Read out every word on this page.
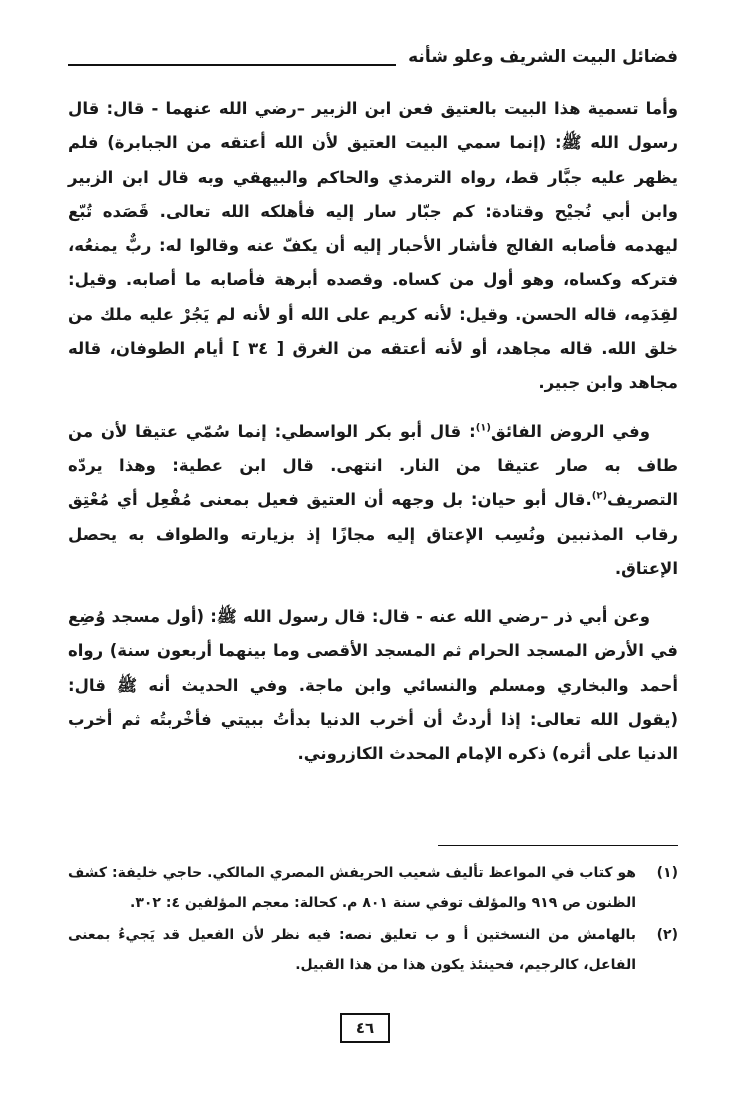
فضائل البيت الشريف وعلو شأنه

وأما تسمية هذا البيت بالعتيق فعن ابن الزبير –رضي الله عنهما - قال: قال رسول الله ﷺ: (إنما سمي البيت العتيق لأن الله أعتقه من الجبابرة) فلم يظهر عليه جبَّار قط، رواه الترمذي والحاكم والبيهقي وبه قال ابن الزبير وابن أبي نُجيْح وقتادة: كم جبّار سار إليه فأهلكه الله تعالى. قَصَده تُبّع ليهدمه فأصابه الفالج فأشار الأحبار إليه أن يكفّ عنه وقالوا له: ربٌّ يمنعُه، فتركه وكساه، وهو أول من كساه. وقصده أبرهة فأصابه ما أصابه. وقيل: لقِدَمِه، قاله الحسن. وقيل: لأنه كريم على الله أو لأنه لم يَجُرْ عليه ملك من خلق الله. قاله مجاهد، أو لأنه أعتقه من الغرق [ ٣٤ ] أيام الطوفان، قاله مجاهد وابن جبير.

وفي الروض الفائق$^{(١)}$: قال أبو بكر الواسطي: إنما سُمّي عتيقا لأن من طاف به صار عتيقا من النار. انتهى. قال ابن عطية: وهذا يردّه التصريف$^{(٢)}$.قال أبو حيان: بل وجهه أن العتيق فعيل بمعنى مُفْعِل أي مُعْتِق رقاب المذنبين ونُسِب الإعتاق إليه مجازًا إذ بزيارته والطواف به يحصل الإعتاق.

وعن أبي ذر –رضي الله عنه - قال: قال رسول الله ﷺ: (أول مسجد وُضِع في الأرض المسجد الحرام ثم المسجد الأقصى وما بينهما أربعون سنة) رواه أحمد والبخاري ومسلم والنسائي وابن ماجة. وفي الحديث أنه ﷺ قال: (يقول الله تعالى: إذا أردتُ أن أخرب الدنيا بدأتُ ببيتي فأخْربتُه ثم أخرب الدنيا على أثره) ذكره الإمام المحدث الكازروني.

(١)
هو كتاب في المواعظ تأليف شعيب الحريفش المصري المالكي. حاجي خليفة: كشف الظنون ص ٩١٩ والمؤلف توفي سنة ٨٠١ م. كحالة: معجم المؤلفين ٤: ٣٠٢.
(٢)
بالهامش من النسختين أ و ب تعليق نصه: فيه نظر لأن الفعيل قد يَجيءُ بمعنى الفاعل، كالرجيم، فحينئذ يكون هذا من هذا القبيل.
٤٦
